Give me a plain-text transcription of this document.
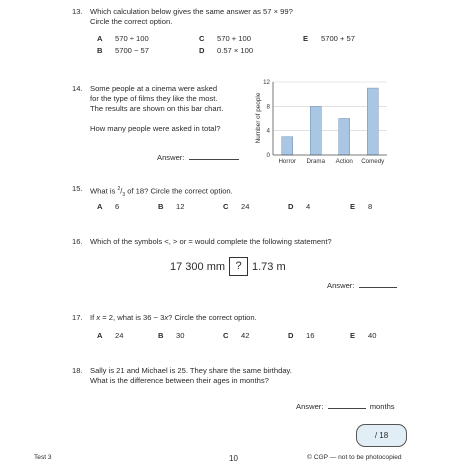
13. Which calculation below gives the same answer as 57 × 99?
Circle the correct option.
A 570 ÷ 100	C 570 + 100	E 5700 + 57
B 5700 − 57	D 0.57 × 100
14. Some people at a cinema were asked
for the type of films they like the most.
The results are shown on this bar chart.
How many people were asked in total?
Answer:	0
4
8
12
Horror Drama Action Comedy
Number of people
15. What is $^2/_3$ of 18? Circle the correct option.
A 6	B 12	C 24	D 4	E 8
16. Which of the symbols <, > or = would complete the following statement?
17 300 mm ? 1.73 m
Answer:
17. If x = 2, what is 36 − 3x? Circle the correct option.
A 24	B 30	C 42	D 16	E 40
18. Sally is 21 and Michael is 25. They share the same birthday.
What is the difference between their ages in months?
Answer:	months
/ 18
Test 3	10	© CGP — not to be photocopied
